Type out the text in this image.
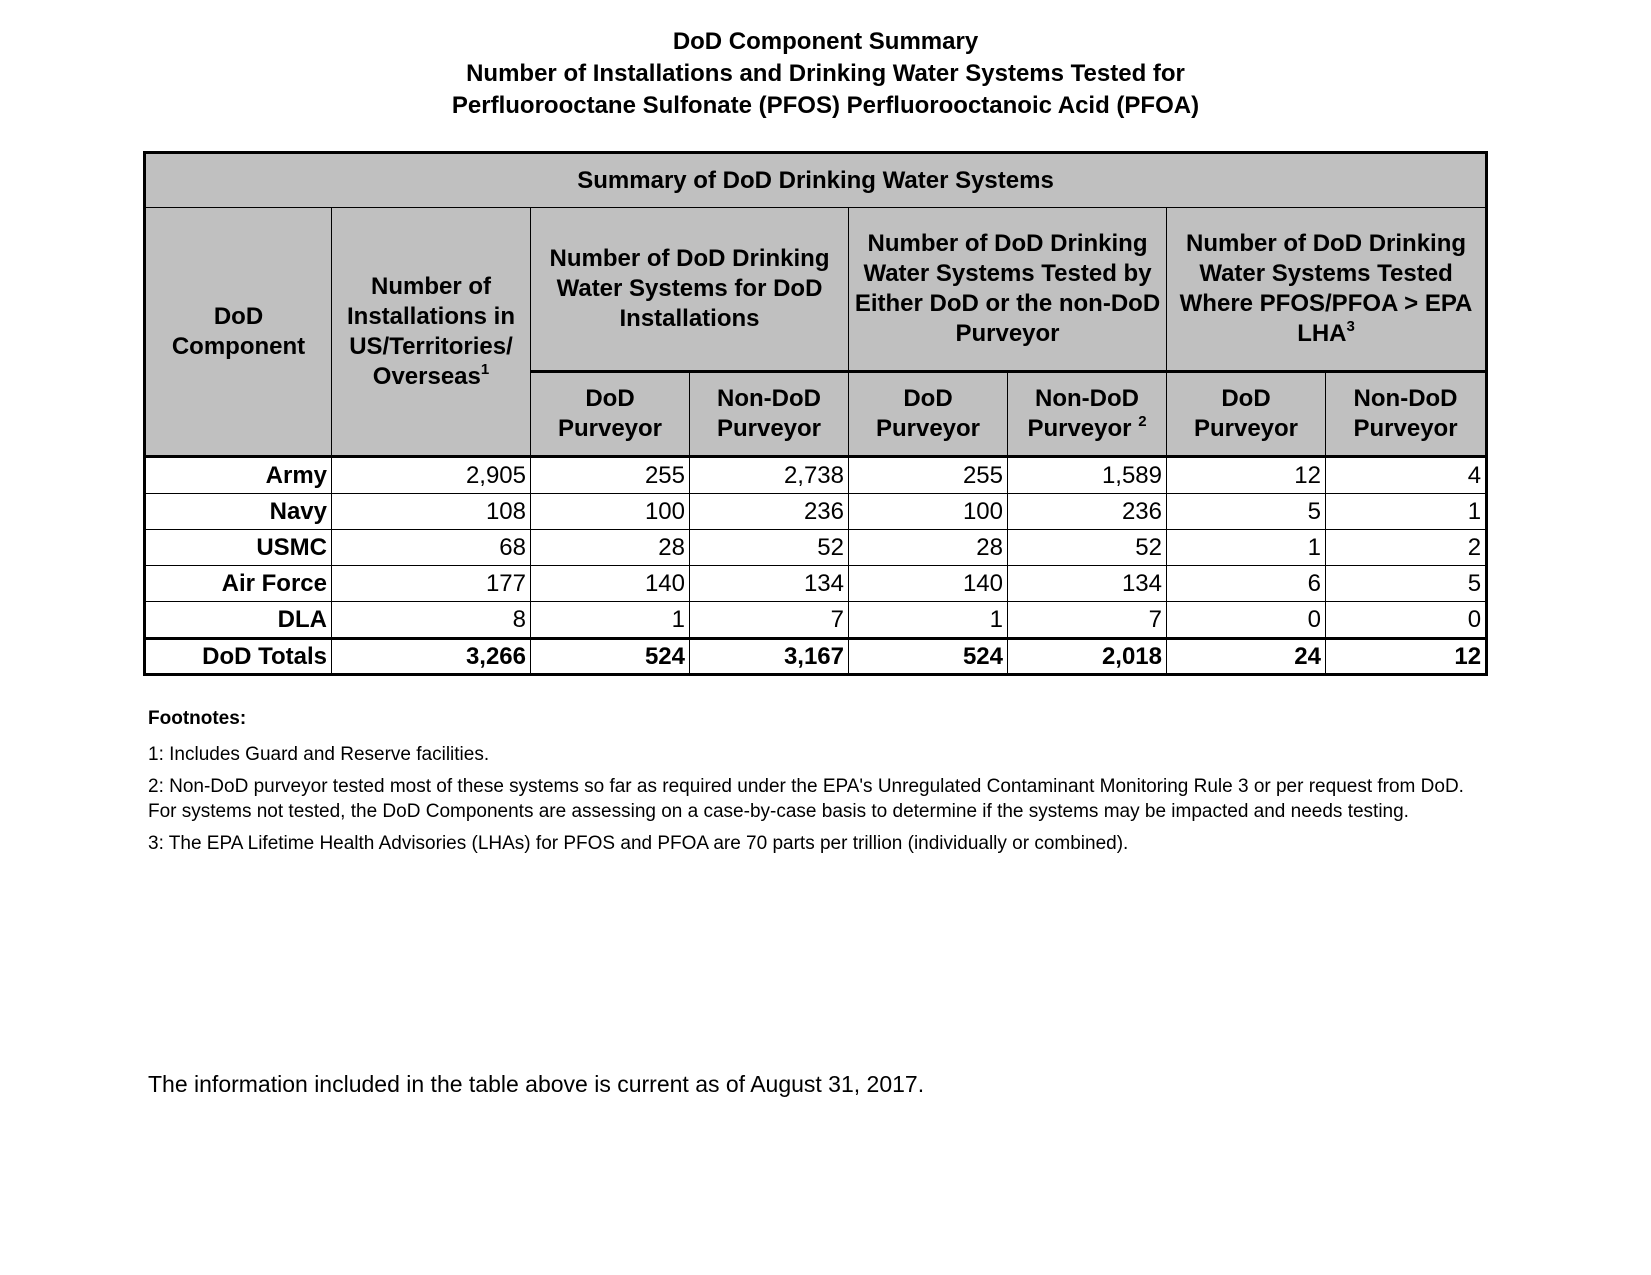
DoD Component Summary
Number of Installations and Drinking Water Systems Tested for
Perfluorooctane Sulfonate (PFOS) Perfluorooctanoic Acid (PFOA)
Summary of DoD Drinking Water Systems							
DoD Component	Number of Installations in US/Territories/ Overseas$^1$	Number of DoD Drinking Water Systems for DoD Installations		Number of DoD Drinking Water Systems Tested by Either DoD or the non-DoD Purveyor		Number of DoD Drinking Water Systems Tested Where PFOS/PFOA > EPA LHA$^3$
		DoD Purveyor	Non-DoD Purveyor	DoD Purveyor	Non-DoD Purveyor $^2$	DoD Purveyor	Non-DoD Purveyor
Army	2,905	255	2,738	255	1,589	12	4
Navy	108	100	236	100	236	5	1
USMC	68	28	52	28	52	1	2
Air Force	177	140	134	140	134	6	5
DLA	8	1	7	1	7	0	0
DoD Totals	3,266	524	3,167	524	2,018	24	12
Footnotes:
1: Includes Guard and Reserve facilities.
2: Non-DoD purveyor tested most of these systems so far as required under the EPA's Unregulated Contaminant Monitoring Rule 3 or per request from DoD. For systems not tested, the DoD Components are assessing on a case-by-case basis to determine if the systems may be impacted and needs testing.
3: The EPA Lifetime Health Advisories (LHAs) for PFOS and PFOA are 70 parts per trillion (individually or combined).
The information included in the table above is current as of August 31, 2017.
